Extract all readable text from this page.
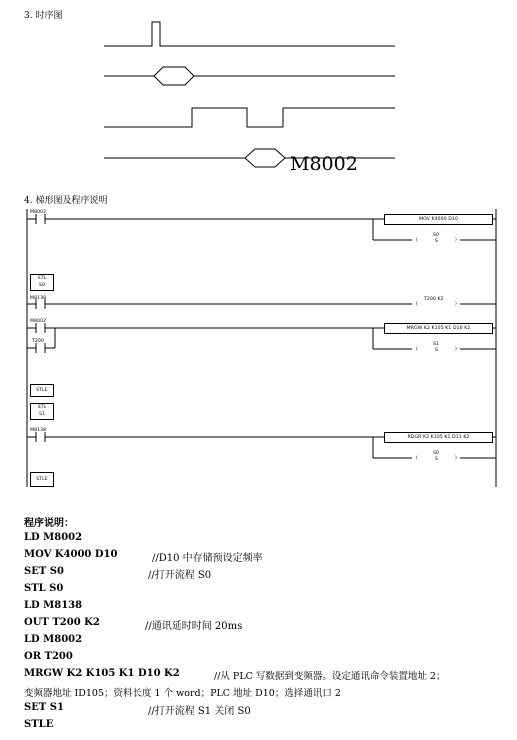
3. 时序图
M8002
4. 梯形图及程序说明
M8002
MOV K4000 D10
S0
(	S	)
STL
S0
M8138	T200 K2
(	)
M8002
T200
MRGW K2 K105 K1 D10 K2
S1
(	S	)
STLE
STL
S1
M8138
RDGR K2 K105 K1 D11 K2
S0
(	S	)
STLE
程序说明：
LD M8002
MOV K4000 D10	//D10 中存储预设定频率
SET S0	//打开流程 S0
STL S0
LD M8138
OUT T200 K2	//通讯延时时间 20ms
LD M8002
OR T200
MRGW K2 K105 K1 D10 K2	//从 PLC 写数据到变频器。设定通讯命令装置地址 2；
变频器地址 ID105；资料长度 1 个 word；PLC 地址 D10；选择通讯口 2
SET S1	//打开流程 S1 关闭 S0
STLE
